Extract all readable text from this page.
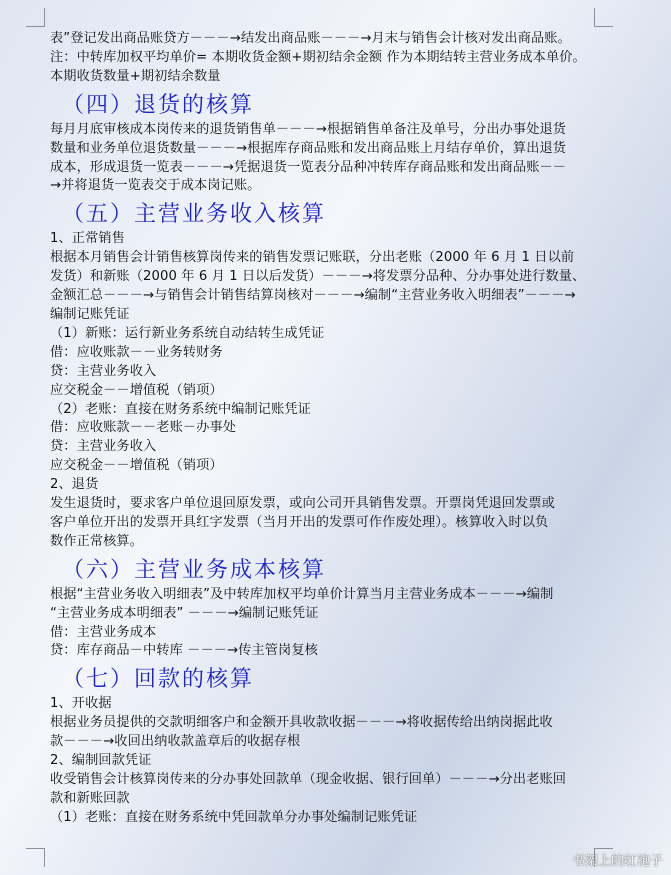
表”登记发出商品账贷方－－－→结发出商品账－－－→月末与销售会计核对发出商品账。
注：中转库加权平均单价= 本期收货金额+期初结余金额 作为本期结转主营业务成本单价。
本期收货数量+期初结余数量
（四）退货的核算
每月月底审核成本岗传来的退货销售单－－－→根据销售单备注及单号，分出办事处退货
数量和业务单位退货数量－－－→根据库存商品账和发出商品账上月结存单价，算出退货
成本，形成退货一览表－－－→凭据退货一览表分品种冲转库存商品账和发出商品账－－
→并将退货一览表交于成本岗记账。
（五）主营业务收入核算
1、正常销售
根据本月销售会计销售核算岗传来的销售发票记账联，分出老账（2000 年 6 月 1 日以前
发货）和新账（2000 年 6 月 1 日以后发货）－－－→将发票分品种、分办事处进行数量、
金额汇总－－－→与销售会计销售结算岗核对－－－→编制“主营业务收入明细表”－－－→
编制记账凭证
（1）新账：运行新业务系统自动结转生成凭证
借：应收账款－－业务转财务
贷：主营业务收入
应交税金－－增值税（销项）
（2）老账：直接在财务系统中编制记账凭证
借：应收账款－－老账－办事处
贷：主营业务收入
应交税金－－增值税（销项）
2、退货
发生退货时，要求客户单位退回原发票，或向公司开具销售发票。开票岗凭退回发票或
客户单位开出的发票开具红字发票（当月开出的发票可作作废处理）。核算收入时以负
数作正常核算。
（六）主营业务成本核算
根据“主营业务收入明细表”及中转库加权平均单价计算当月主营业务成本－－－→编制
“主营业务成本明细表” －－－→编制记账凭证
借：主营业务成本
贷：库存商品－中转库 －－－→传主管岗复核
（七）回款的核算
1、开收据
根据业务员提供的交款明细客户和金额开具收款收据－－－→将收据传给出纳岗据此收
款－－－→收回出纳收款盖章后的收据存根
2、编制回款凭证
收受销售会计核算岗传来的分办事处回款单（现金收据、银行回单）－－－→分出老账回
款和新账回款
（1）老账：直接在财务系统中凭回款单分办事处编制记账凭证
书架上的红袍子
